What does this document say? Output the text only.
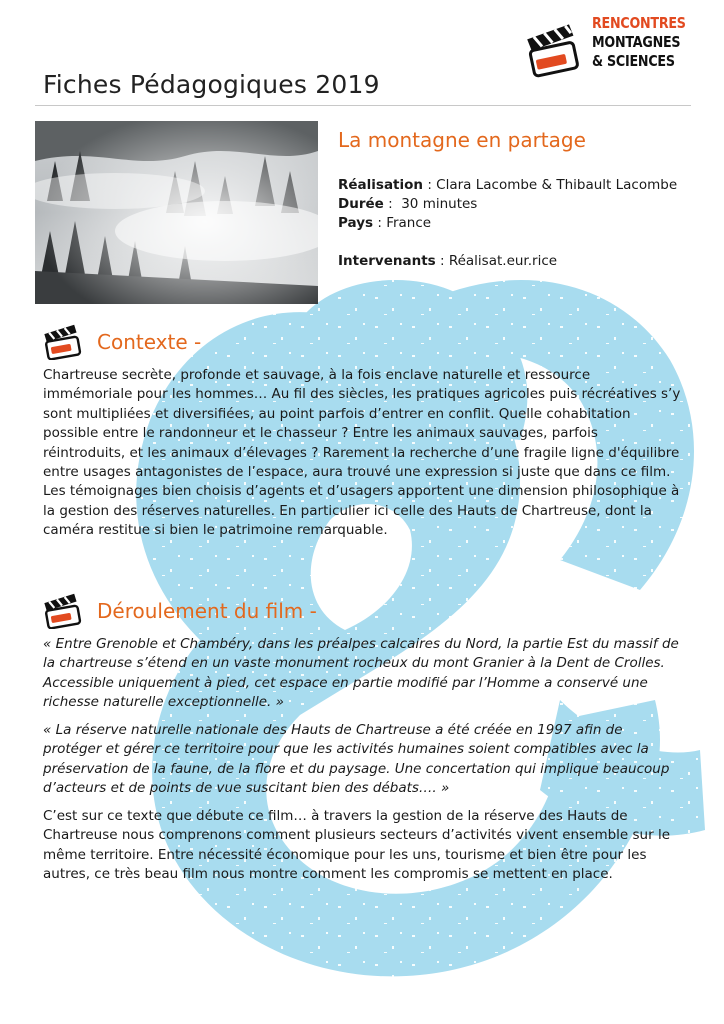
Fiches Pédagogiques 2019
RENCONTRES
MONTAGNES
& SCIENCES
La montagne en partage

Réalisation : Clara Lacombe & Thibault Lacombe

Durée :  30 minutes

Pays : France

Intervenants : Réalisat.eur.rice

Contexte -
Chartreuse secrète, profonde et sauvage, à la fois enclave naturelle et ressource immémoriale pour les hommes… Au fil des siècles, les pratiques agricoles puis récréatives s’y sont multipliées et diversifiées, au point parfois d’entrer en conflit. Quelle cohabitation possible entre le randonneur et le chasseur ? Entre les animaux sauvages, parfois réintroduits, et les animaux d’élevages ? Rarement la recherche d’une fragile ligne d'équilibre entre usages antagonistes de l’espace, aura trouvé une expression si juste que dans ce film. Les témoignages bien choisis d’agents et d’usagers apportent une dimension philosophique à la gestion des réserves naturelles. En particulier ici celle des Hauts de Chartreuse, dont la caméra restitue si bien le patrimoine remarquable.
Déroulement du film -
« Entre Grenoble et Chambéry, dans les préalpes calcaires du Nord, la partie Est du massif de la chartreuse s’étend en un vaste monument rocheux du mont Granier à la Dent de Crolles. Accessible uniquement à pied, cet espace en partie modifié par l’Homme a conservé une richesse naturelle exceptionnelle. »
« La réserve naturelle nationale des Hauts de Chartreuse a été créée en 1997 afin de protéger et gérer ce territoire pour que les activités humaines soient compatibles avec la préservation de la faune, de la flore et du paysage. Une concertation qui implique beaucoup d’acteurs et de points de vue suscitant bien des débats…. »
C’est sur ce texte que débute ce film… à travers la gestion de la réserve des Hauts de Chartreuse nous comprenons comment plusieurs secteurs d’activités vivent ensemble sur le même territoire. Entre nécessité économique pour les uns, tourisme et bien être pour les autres, ce très beau film nous montre comment les compromis se mettent en place.
